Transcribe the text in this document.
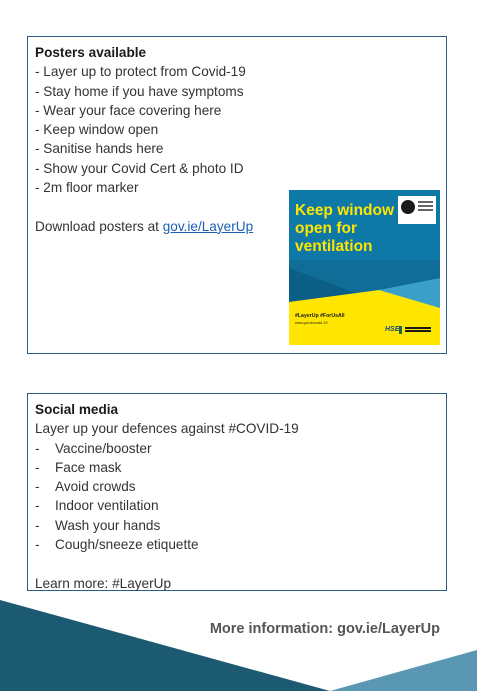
Posters available
- Layer up to protect from Covid-19
- Stay home if you have symptoms
- Wear your face covering here
- Keep window open
- Sanitise hands here
- Show your Covid Cert & photo ID
- 2m floor marker
Download posters at gov.ie/LayerUp
Keep window open for ventilation
#LayerUp #ForUsAll
www.gov.ie/covid-19
HSE
Social media
Layer up your defences against #COVID-19
-	Vaccine/booster
-	Face mask
-	Avoid crowds
-	Indoor ventilation
-	Wash your hands
-	Cough/sneeze etiquette
Learn more: #LayerUp
More information: gov.ie/LayerUp
